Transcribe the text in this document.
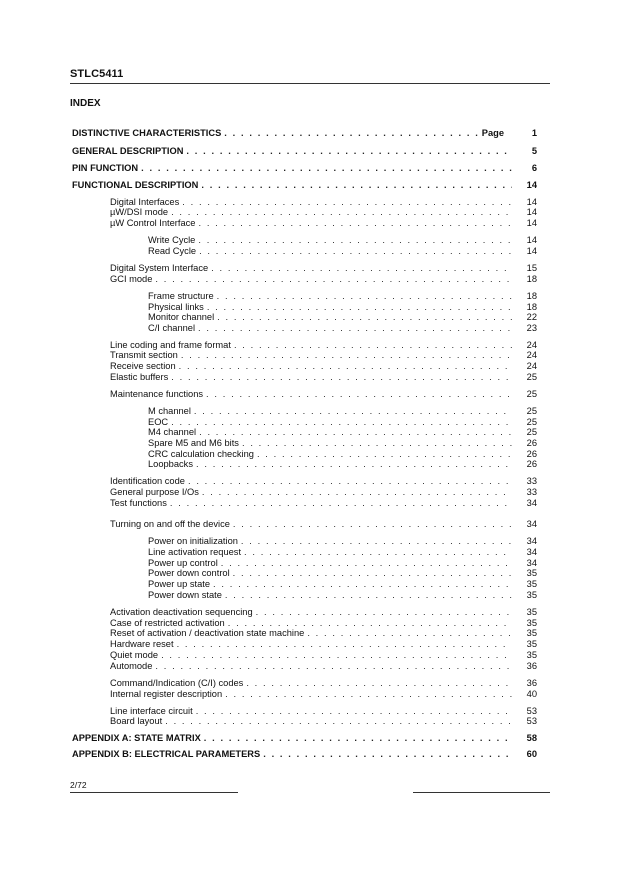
STLC5411
INDEX
DISTINCTIVE CHARACTERISTICS . . .	Page	1
GENERAL DESCRIPTION . . .	5
PIN FUNCTION . . .	6
FUNCTIONAL DESCRIPTION . . .	14
Digital Interfaces . . .	14
µW/DSI mode . . .	14
µW Control Interface . . .	14
Write Cycle . . .	14
Read Cycle . . .	14
Digital System Interface . . .	15
GCI mode . . .	18
Frame structure . . .	18
Physical links . . .	18
Monitor channel . . .	22
C/I channel . . .	23
Line coding and frame format . . .	24
Transmit section . . .	24
Receive section . . .	24
Elastic buffers . . .	25
Maintenance functions . . .	25
M channel . . .	25
EOC . . .	25
M4 channel . . .	25
Spare M5 and M6 bits . . .	26
CRC calculation checking . . .	26
Loopbacks . . .	26
Identification code . . .	33
General purpose I/Os . . .	33
Test functions . . .	34
Turning on and off the device . . .	34
Power on initialization . . .	34
Line activation request . . .	34
Power up control . . .	34
Power down control . . .	35
Power up state . . .	35
Power down state . . .	35
Activation deactivation sequencing . . .	35
Case of restricted activation . . .	35
Reset of activation / deactivation state machine . . .	35
Hardware reset . . .	35
Quiet mode . . .	35
Automode . . .	36
Command/Indication (C/I) codes . . .	36
Internal register description . . .	40
Line interface circuit . . .	53
Board layout . . .	53
APPENDIX A: STATE MATRIX . . .	58
APPENDIX B: ELECTRICAL PARAMETERS . . .	60
2/72
